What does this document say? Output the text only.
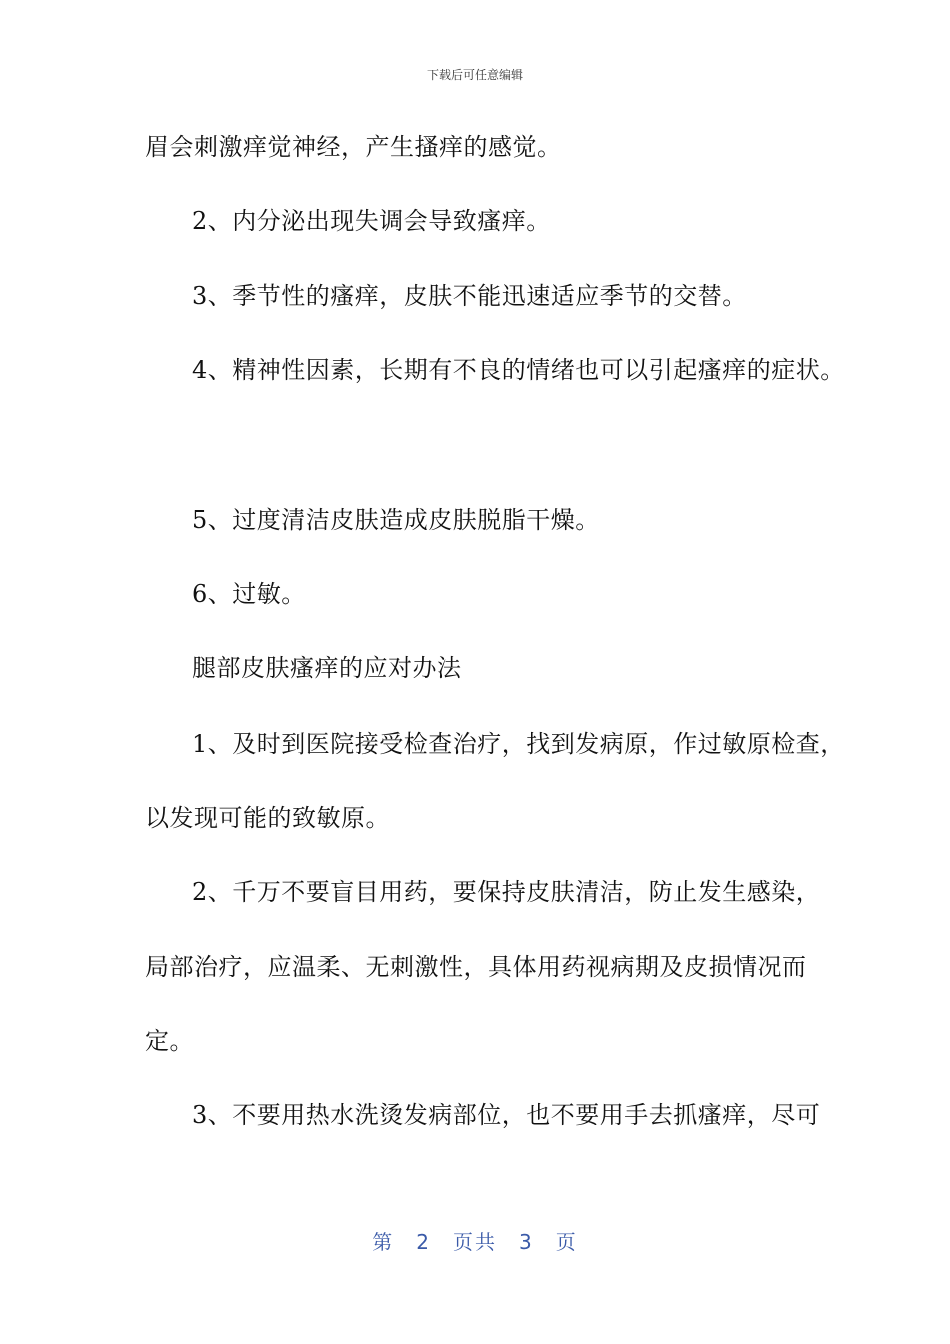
下载后可任意编辑
眉会刺激痒觉神经，产生搔痒的感觉。
2、内分泌出现失调会导致瘙痒。
3、季节性的瘙痒，皮肤不能迅速适应季节的交替。
4、精神性因素，长期有不良的情绪也可以引起瘙痒的症状。
5、过度清洁皮肤造成皮肤脱脂干燥。
6、过敏。
腿部皮肤瘙痒的应对办法
1、及时到医院接受检查治疗，找到发病原，作过敏原检查，
以发现可能的致敏原。
2、千万不要盲目用药，要保持皮肤清洁，防止发生感染，
局部治疗，应温柔、无刺激性，具体用药视病期及皮损情况而
定。
3、不要用热水洗烫发病部位，也不要用手去抓瘙痒，尽可
第 2 页共 3 页
